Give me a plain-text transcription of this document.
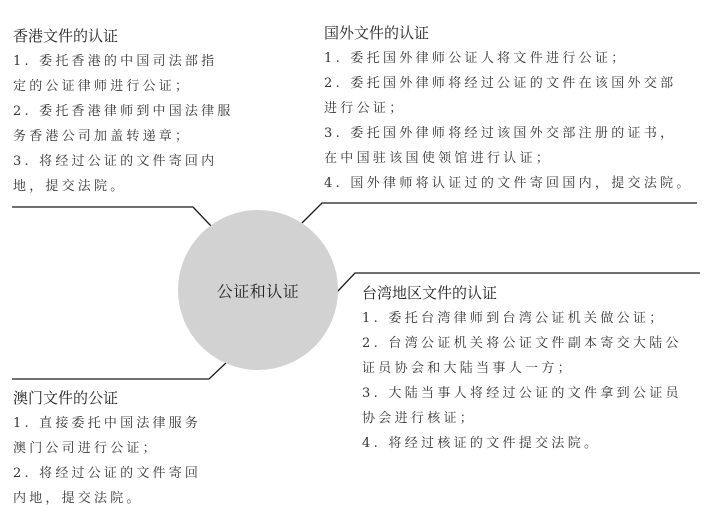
公证和认证
香港文件的认证
1. 委托香港的中国司法部指
定的公证律师进行公证；
2. 委托香港律师到中国法律服
务香港公司加盖转递章；
3. 将经过公证的文件寄回内
地，提交法院。
国外文件的认证
1. 委托国外律师公证人将文件进行公证；
2. 委托国外律师将经过公证的文件在该国外交部
进行公证；
3. 委托国外律师将经过该国外交部注册的证书，
在中国驻该国使领馆进行认证；
4. 国外律师将认证过的文件寄回国内，提交法院。
台湾地区文件的认证
1. 委托台湾律师到台湾公证机关做公证；
2. 台湾公证机关将公证文件副本寄交大陆公
证员协会和大陆当事人一方；
3. 大陆当事人将经过公证的文件拿到公证员
协会进行核证；
4. 将经过核证的文件提交法院。
澳门文件的公证
1. 直接委托中国法律服务
澳门公司进行公证；
2. 将经过公证的文件寄回
内地，提交法院。
